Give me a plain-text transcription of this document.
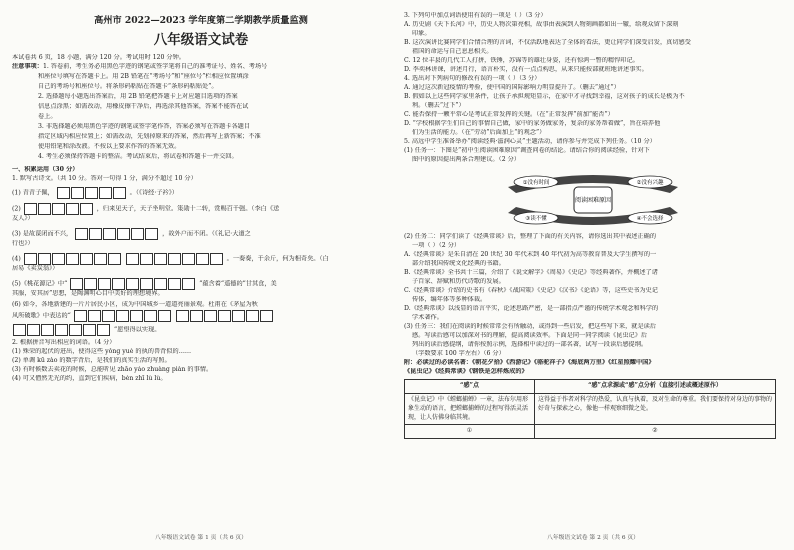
高州市 2022—2023 学年度第二学期教学质量监测
八年级语文试卷
本试卷共 6 页，18 小题，满分 120 分。考试用时 120 分钟。

注意事项：1. 答卷前，考生务必用黑色字迹的钢笔或签字笔将自己的准考证号、姓名、考场号

和座位号填写在答题卡上。用 2B 铅笔在“考场号”和“座位号”栏相应位置填涂

自己的考场号和座位号。将条形码粘贴在答题卡“条形码粘贴处”。

2. 选择题每小题选出答案后，用 2B 铅笔把答题卡上对应题目选项的答案

信息点涂黑；如需改动，用橡皮擦干净后，再选涂其他答案，答案不能答在试

卷上。

3. 非选择题必须用黑色字迹的钢笔或签字笔作答，答案必须写在答题卡各题目

指定区域内相应位置上；如需改动，先划掉原来的答案，然后再写上新答案；不准

使用铅笔和涂改液。不按以上要求作答的答案无效。

4. 考生必须保持答题卡的整洁。考试结束后，将试卷和答题卡一并交回。

一、积累运用（30 分）
1. 默写古诗文。（共 10 分。答对一句得 1 分，满分不超过 10 分）
(1) 青青子佩，	。（《诗经·子衿》）
(2)	，归来见天子，天子坐明堂。策勋十二转，赏赐百千强。（李白《送
友人》）
(3) 是故谋闭而不兴，	，故外户而不闭。（《礼记·大道之
行也》）
(4)
	。一奏奏，千余斤，何为相奇矣。（白
居易《卖炭翁》）
(5)《桃花源记》中“	”蕴含着“遥德的”甘其食，美
其服，安其居”思想，是陶渊明心目中美好的理想境界。
(6) 如今，各地新建的一片片居民小区，成为中国城乡一道道亮丽景观。杜甫在《茅屋为秋
风所破歌》中表达的“

”愿望得以实现。
2. 根据拼音写出相应的词语。（4 分）
(1) 殊荣的起伏的进出，使得这些 yǒng yuè 的执的兽背似的……
(2) 单调 kū zào 的数字背后，是我们的真实生活的写照。
(3) 有时候数去卖花的时候，总能听见 zhāo yáo zhuàng piàn 的事情。
(4) 可又僧然无光的约，直到它们疾病，bèn zhī lù lù。
八年级语文试卷 第 1 页（共 6 页）
3. 下列句中加点词语使用有误的一项是（ ）（3 分）
A. 历史剧《天下长河》中，历史人物次第亮相，故事由表演到人物刻画都如出一辙，给观众留下深刻
印象。
B. 这次演讲比赛同学们合情合理的言词，不仅活跃地表达了全体的看法，更让同学们深受启发，真切感受
祖国的命运与自己息息相关。
C. 12 位丰县的几代工人打拼，铁锤，苏锦等的雄壮身姿，还有惊鸿一瞥的精悍印记。
D. 李奕林讲课，讲述月行，语言朴实，没有一点点构思，从来只能按部就班地讲述事实。
4. 选出对下列病句的修改有误的一项（ ）（3 分）
A. 通过这次新冠疫情的考验，使中国的国际影响力明显提升了。（删去“通过”）
B. 假如以上这些同学家里条件，让孩子承担规矩显示，在家中才寻找到幸福，这对孩子的成长是极为不
利。（删去“过下”）
C. 能否保持一颗平常心是考试正常发挥的关键。（在“正常发挥”前加“能否”）
D. “学校根据学生们自己的事情自己做，家中的家务做家务，复杂的家务帮着做”，旨在培养他
们为生活的能力。（在“劳动”后面加上“的观念”）
5. 高远中学生准备举办“阅读经典·滋润心灵”主题活动，请你参与并完成下列任务。（10 分）
(1) 任务一：下图是“初中生阅读困难原因”调查问卷的结论。请结合你的阅读经验，针对下
图中的原因提出两条合理建议。（2 分）
阅读困难原因
①没有时间	②没有兴趣
③读不懂	④不会选择
(2) 任务二：同学们读了《经典常谈》后，整理了下面的有关内容，请你选出其中表述正确的
一项（ ）（2 分）
A.《经典常谈》是朱自清在 20 世纪 30 年代末到 40 年代初为高等教育普及大学生撰写的一
部介绍我国传统文化经典的书籍。
B.《经典常谈》全书共十三篇，介绍了《说文解字》《周易》《史记》等经典著作，并概述了诸
子百家、辞赋和历代诗歌的发展。
C.《经典常谈》介绍的史书有《春秋》《战国策》《史记》《汉书》《论语》等，这些史书为史记
传体，编年体等多种体裁。
D.《经典常谈》以浅显的语言平实，论述思路严密，是一部指点严谨的传统学术观念和科学的
学术著作。
(3) 任务三：我们在阅读的时候常常会有所触动，或得到一些启发，把这些写下来，就是读后
感。写读后感可以加深对书的理解，提高阅读效率。下面是同一同学阅读《昆虫记》后
列出的读后感提纲，请你按照示例，选择相中读过的一部名著，试写一段读后感提纲。
（字数要求 100 字左右）（6 分）
附：必读过的必读名著：《朝花夕拾》《西游记》《骆驼祥子》《海底两万里》《红星照耀中国》
《昆虫记》《经典常谈》《钢铁是怎样炼成的》
“感”点	“感”点求源或“感”点分析（直接引述或概述原作）
《昆虫记》中《螳螂捕蝉》一章，法布尔用形象生动的语言，把螳螂捕蝉的过程写得活灵活现，让人仿佛身临其境。	这得益于作者对科学的热爱，认真与执着，及对生命的尊重。我们要保持对身边的事物的好奇与探索之心，像他一样观察细微之处。
①	②
八年级语文试卷 第 2 页（共 6 页）
